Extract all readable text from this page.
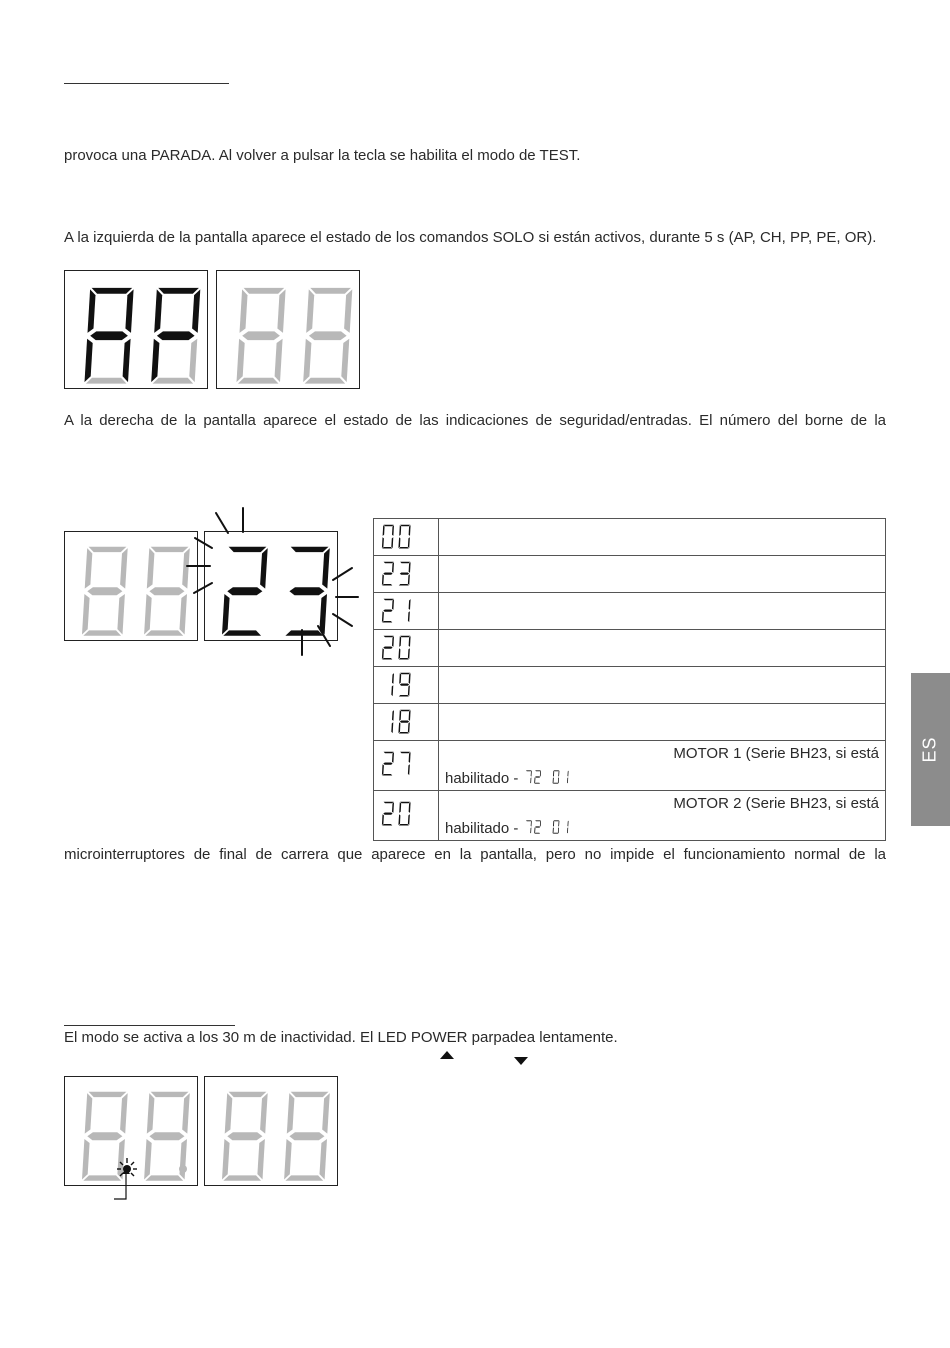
provoca una PARADA. Al volver a pulsar la tecla se habilita el modo de TEST.
A la izquierda de la pantalla aparece el estado de los comandos SOLO si están activos, durante 5 s (AP, CH, PP, PE, OR).
A la derecha de la pantalla aparece el estado de las indicaciones de seguridad/entradas. El número del borne de la

MOTOR 1 (Serie BH23, si está
habilitado -

MOTOR 2 (Serie BH23, si está
habilitado -
microinterruptores de final de carrera que aparece en la pantalla, pero no impide el funcionamiento normal de la
El modo se activa a los 30 m de inactividad. El LED POWER parpadea lentamente.
ES
